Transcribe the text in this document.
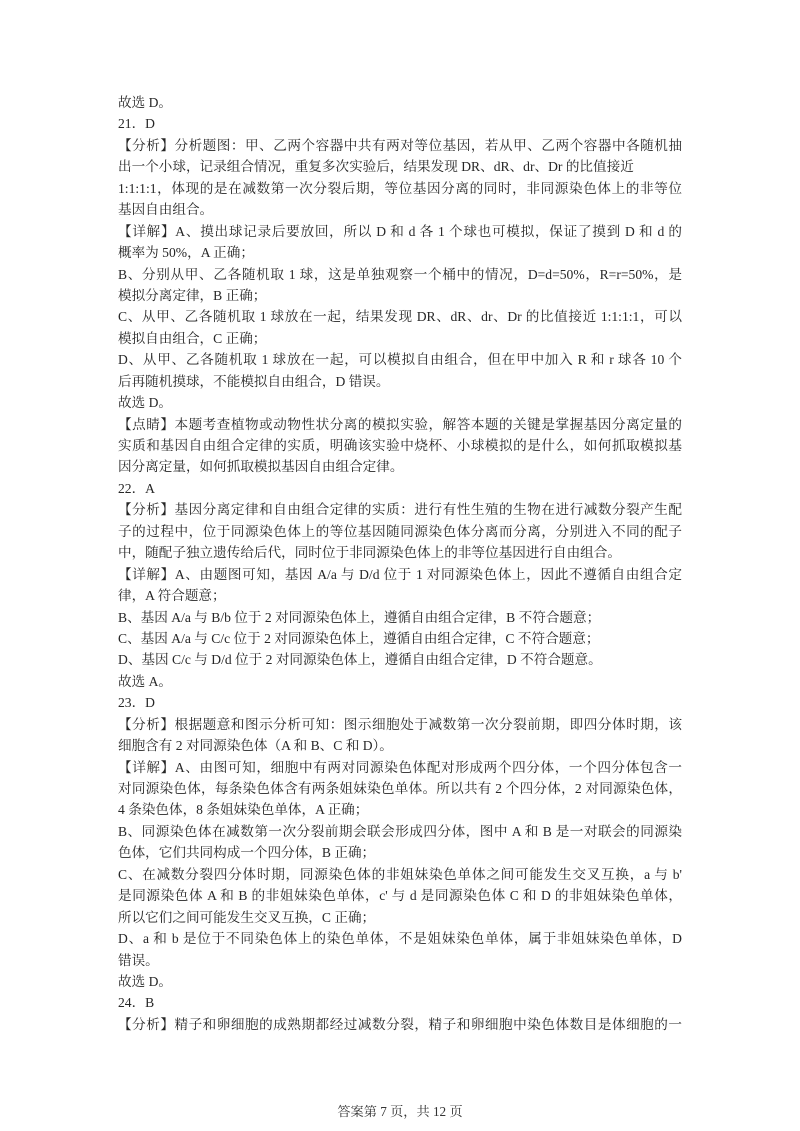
故选 D。
21．D
【分析】分析题图：甲、乙两个容器中共有两对等位基因，若从甲、乙两个容器中各随机抽
出一个小球，记录组合情况，重复多次实验后，结果发现 DR、dR、dr、Dr 的比值接近
1:1:1:1，体现的是在减数第一次分裂后期，等位基因分离的同时，非同源染色体上的非等位
基因自由组合。
【详解】A、摸出球记录后要放回，所以 D 和 d 各 1 个球也可模拟，保证了摸到 D 和 d 的
概率为 50%，A 正确；
B、分别从甲、乙各随机取 1 球，这是单独观察一个桶中的情况，D=d=50%，R=r=50%，是
模拟分离定律，B 正确；
C、从甲、乙各随机取 1 球放在一起，结果发现 DR、dR、dr、Dr 的比值接近 1:1:1:1，可以
模拟自由组合，C 正确；
D、从甲、乙各随机取 1 球放在一起，可以模拟自由组合，但在甲中加入 R 和 r 球各 10 个
后再随机摸球，不能模拟自由组合，D 错误。
故选 D。
【点睛】本题考查植物或动物性状分离的模拟实验，解答本题的关键是掌握基因分离定量的
实质和基因自由组合定律的实质，明确该实验中烧杯、小球模拟的是什么，如何抓取模拟基
因分离定量，如何抓取模拟基因自由组合定律。
22．A
【分析】基因分离定律和自由组合定律的实质：进行有性生殖的生物在进行减数分裂产生配
子的过程中，位于同源染色体上的等位基因随同源染色体分离而分离，分别进入不同的配子
中，随配子独立遗传给后代，同时位于非同源染色体上的非等位基因进行自由组合。
【详解】A、由题图可知，基因 A/a 与 D/d 位于 1 对同源染色体上，因此不遵循自由组合定
律，A 符合题意；
B、基因 A/a 与 B/b 位于 2 对同源染色体上，遵循自由组合定律，B 不符合题意；
C、基因 A/a 与 C/c 位于 2 对同源染色体上，遵循自由组合定律，C 不符合题意；
D、基因 C/c 与 D/d 位于 2 对同源染色体上，遵循自由组合定律，D 不符合题意。
故选 A。
23．D
【分析】根据题意和图示分析可知：图示细胞处于减数第一次分裂前期，即四分体时期，该
细胞含有 2 对同源染色体（A 和 B、C 和 D）。
【详解】A、由图可知，细胞中有两对同源染色体配对形成两个四分体，一个四分体包含一
对同源染色体，每条染色体含有两条姐妹染色单体。所以共有 2 个四分体，2 对同源染色体，
4 条染色体，8 条姐妹染色单体，A 正确；
B、同源染色体在减数第一次分裂前期会联会形成四分体，图中 A 和 B 是一对联会的同源染
色体，它们共同构成一个四分体，B 正确；
C、在减数分裂四分体时期，同源染色体的非姐妹染色单体之间可能发生交叉互换，a 与 b'
是同源染色体 A 和 B 的非姐妹染色单体，c' 与 d 是同源染色体 C 和 D 的非姐妹染色单体，
所以它们之间可能发生交叉互换，C 正确；
D、a 和 b 是位于不同染色体上的染色单体，不是姐妹染色单体，属于非姐妹染色单体，D
错误。
故选 D。
24．B
【分析】精子和卵细胞的成熟期都经过减数分裂，精子和卵细胞中染色体数目是体细胞的一
答案第 7 页，共 12 页
